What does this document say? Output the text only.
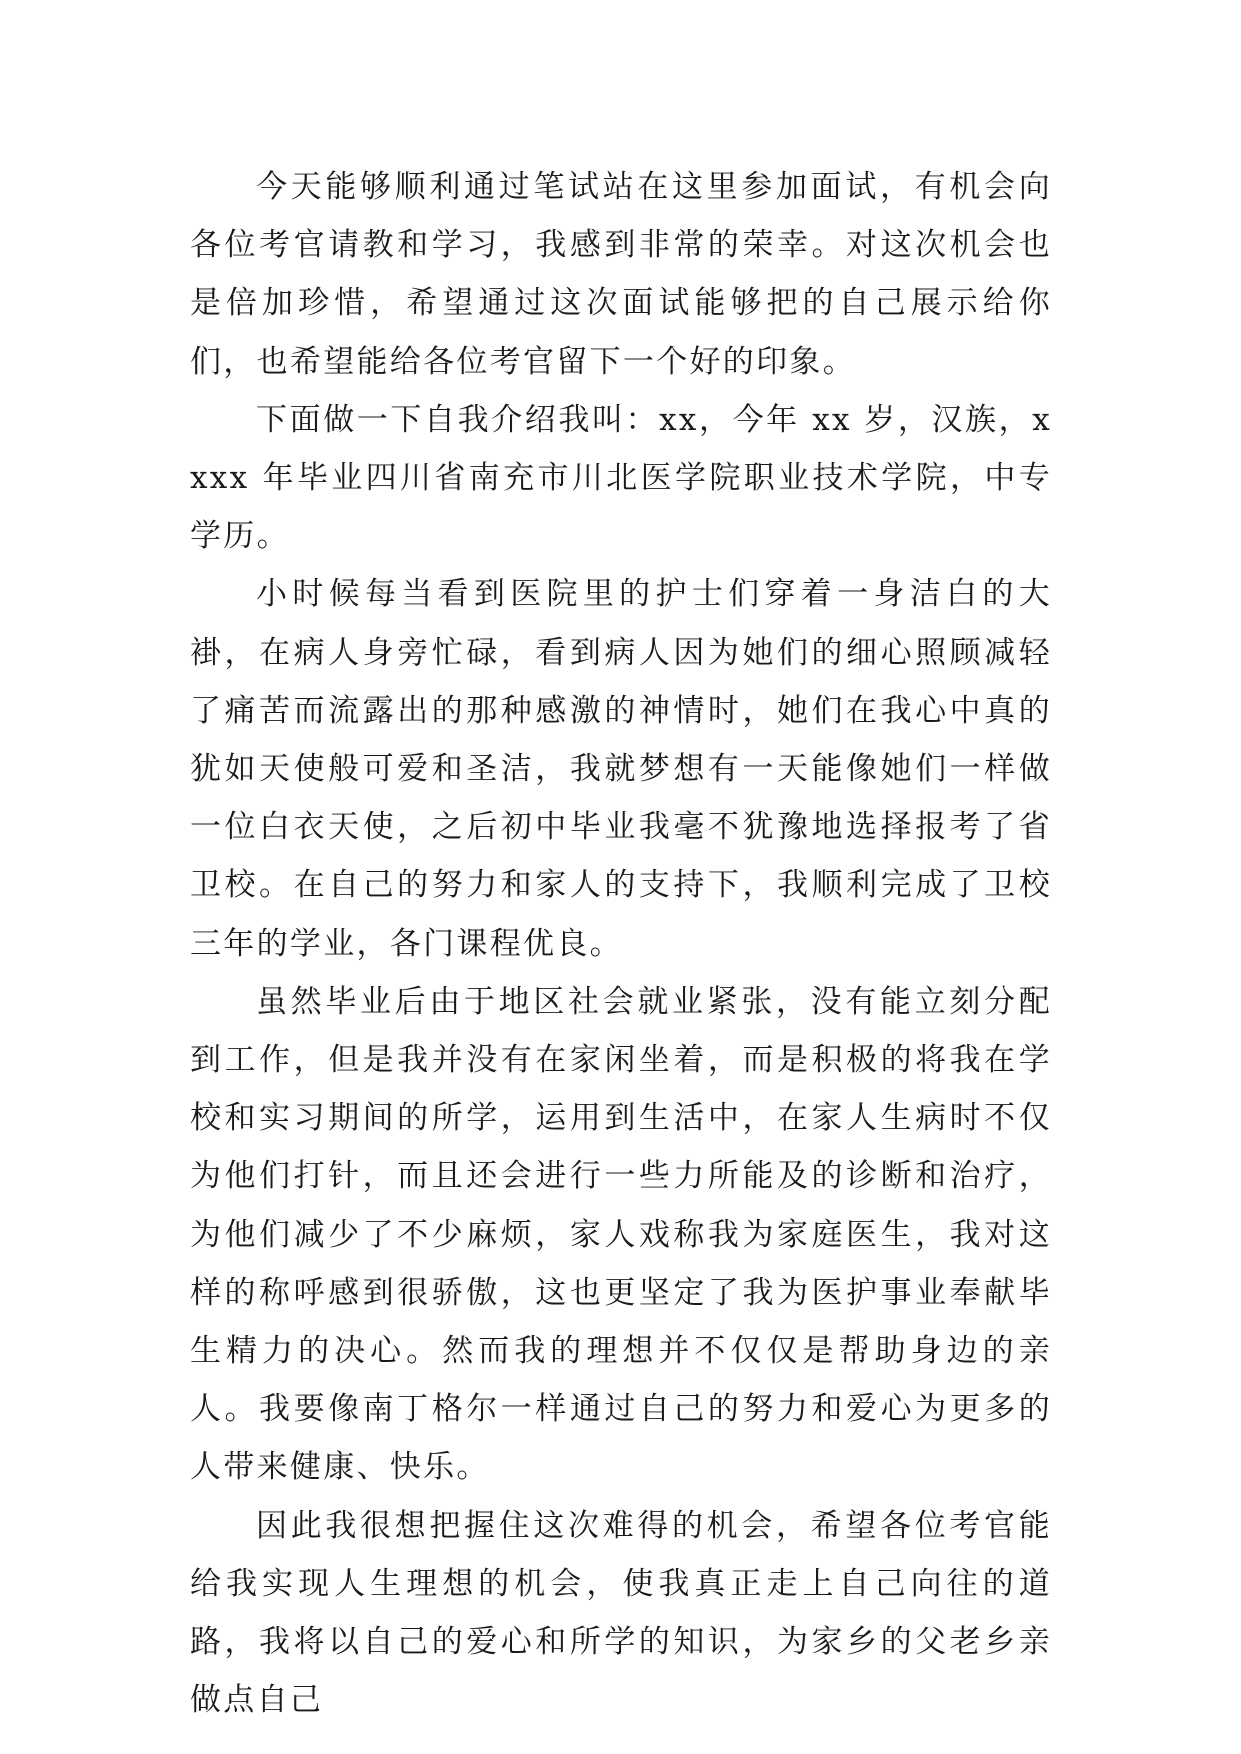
今天能够顺利通过笔试站在这里参加面试，有机会向各位考官请教和学习，我感到非常的荣幸。对这次机会也是倍加珍惜，希望通过这次面试能够把的自己展示给你们，也希望能给各位考官留下一个好的印象。

下面做一下自我介绍我叫：xx，今年 xx 岁，汉族，xxxx 年毕业四川省南充市川北医学院职业技术学院，中专学历。

小时候每当看到医院里的护士们穿着一身洁白的大褂，在病人身旁忙碌，看到病人因为她们的细心照顾减轻了痛苦而流露出的那种感激的神情时，她们在我心中真的犹如天使般可爱和圣洁，我就梦想有一天能像她们一样做一位白衣天使，之后初中毕业我毫不犹豫地选择报考了省卫校。在自己的努力和家人的支持下，我顺利完成了卫校三年的学业，各门课程优良。

虽然毕业后由于地区社会就业紧张，没有能立刻分配到工作，但是我并没有在家闲坐着，而是积极的将我在学校和实习期间的所学，运用到生活中，在家人生病时不仅为他们打针，而且还会进行一些力所能及的诊断和治疗，为他们减少了不少麻烦，家人戏称我为家庭医生，我对这样的称呼感到很骄傲，这也更坚定了我为医护事业奉献毕生精力的决心。然而我的理想并不仅仅是帮助身边的亲人。我要像南丁格尔一样通过自己的努力和爱心为更多的人带来健康、快乐。

因此我很想把握住这次难得的机会，希望各位考官能给我实现人生理想的机会，使我真正走上自己向往的道路，我将以自己的爱心和所学的知识，为家乡的父老乡亲做点自己
